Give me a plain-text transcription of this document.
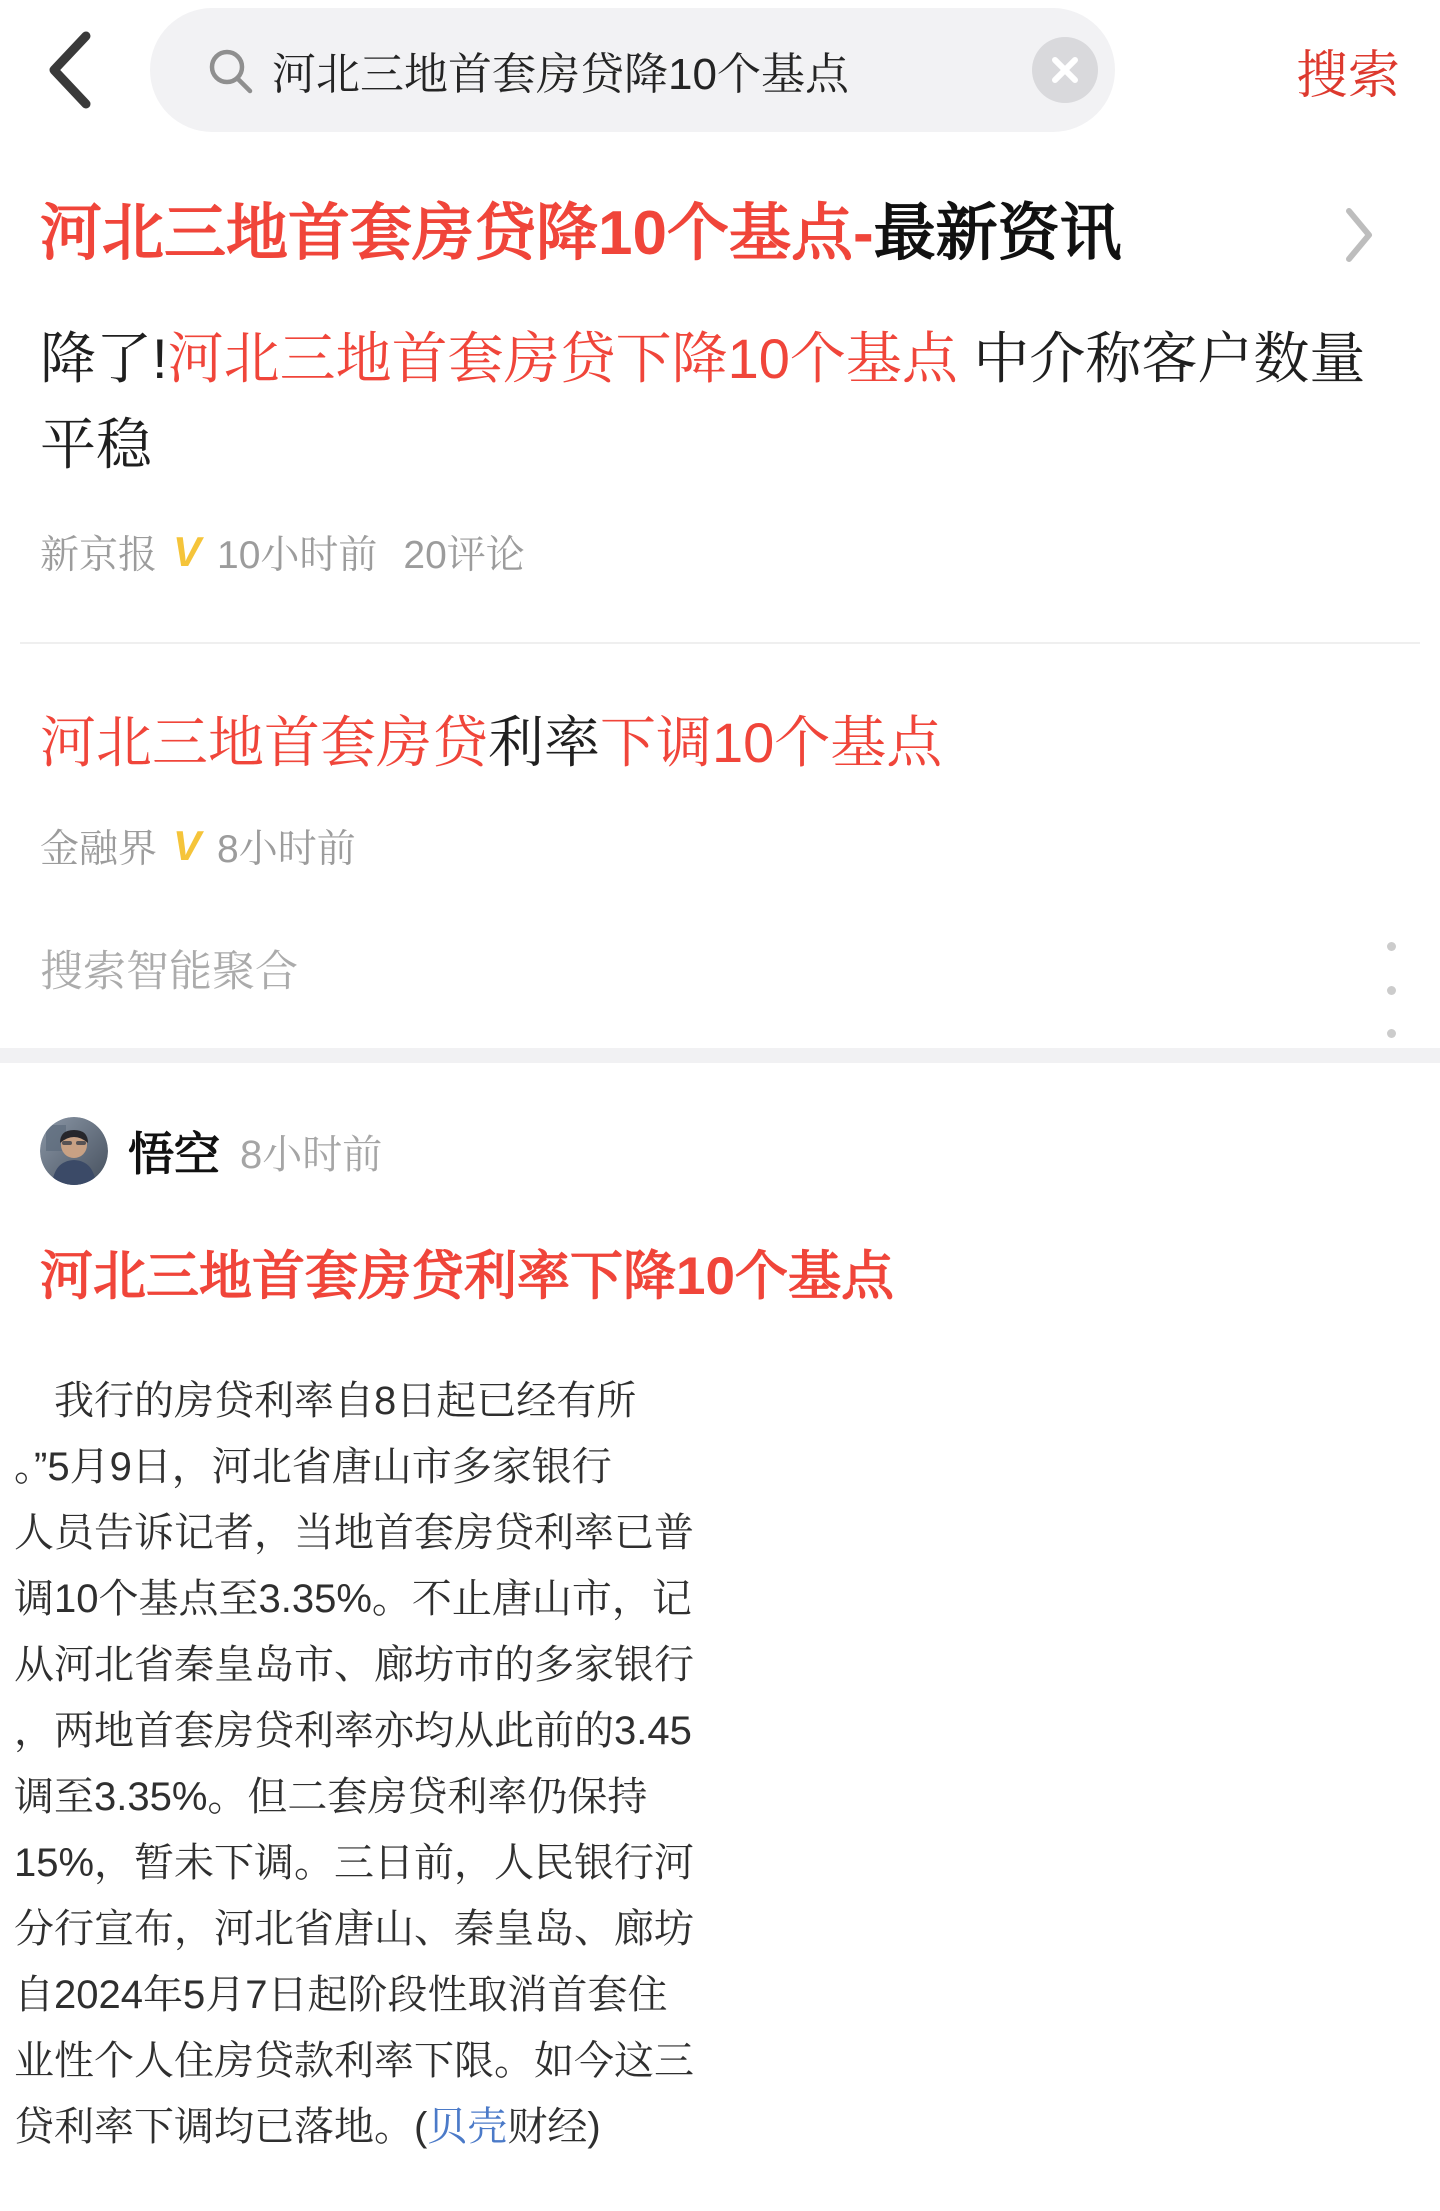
河北三地首套房贷降10个基点	搜索
河北三地首套房贷降10个基点-最新资讯
降了!河北三地首套房贷下降10个基点 中介称客户数量平稳
新京报 V 10小时前 20评论
河北三地首套房贷利率下调10个基点
金融界 V 8小时前
搜索智能聚合
悟空 8小时前
河北三地首套房贷利率下降10个基点
　我行的房贷利率自8日起已经有所
。”5月9日，河北省唐山市多家银行
人员告诉记者，当地首套房贷利率已普
调10个基点至3.35%。不止唐山市，记
从河北省秦皇岛市、廊坊市的多家银行
，两地首套房贷利率亦均从此前的3.45
调至3.35%。但二套房贷利率仍保持
15%，暂未下调。三日前，人民银行河
分行宣布，河北省唐山、秦皇岛、廊坊
自2024年5月7日起阶段性取消首套住
业性个人住房贷款利率下限。如今这三
贷利率下调均已落地。(贝壳财经)
